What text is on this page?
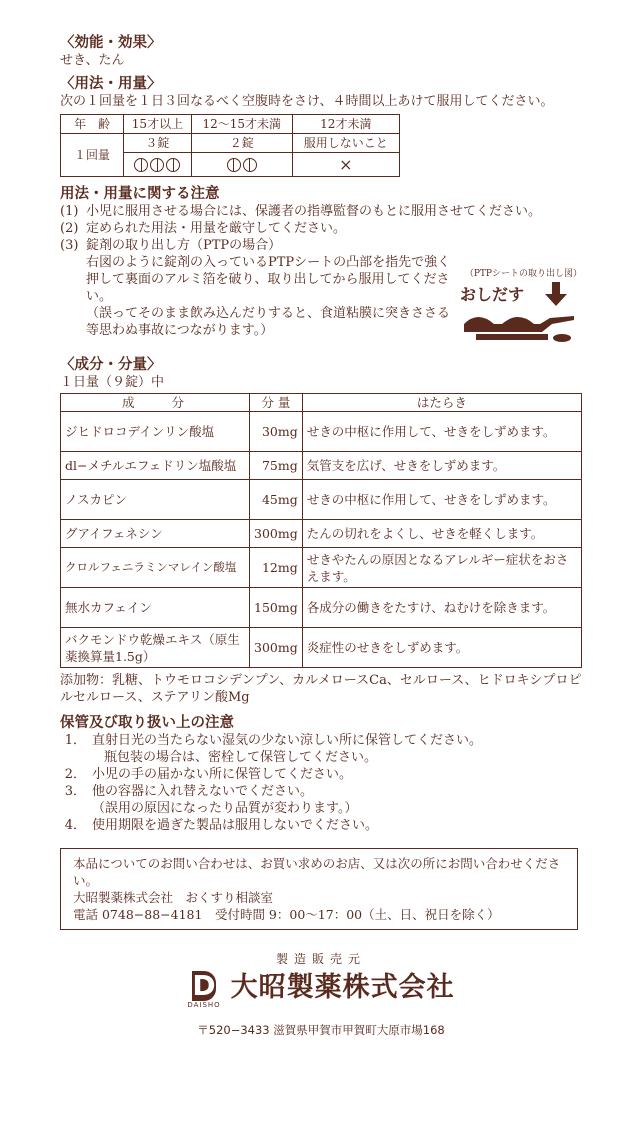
〈効能・効果〉

せき、たん

〈用法・用量〉

次の１回量を１日３回なるべく空腹時をさけ、４時間以上あけて服用してください。

年　齢	15才以上	12～15才未満	12才未満
１回量	３錠	２錠	服用しないこと
			×

用法・用量に関する注意

(1) 小児に服用させる場合には、保護者の指導監督のもとに服用させてください。
(2) 定められた用法・用量を厳守してください。
(3) 錠剤の取り出し方（PTPの場合）
右図のように錠剤の入っているPTPシートの凸部を指先で強く押して裏面のアルミ箔を破り、取り出してから服用してください。
（誤ってそのまま飲み込んだりすると、食道粘膜に突きささる等思わぬ事故につながります。）
（PTPシートの取り出し図）
おしだす

〈成分・分量〉

１日量（９錠）中

成　　分	分 量	はたらき
ジヒドロコデインリン酸塩	30mg	せきの中枢に作用して、せきをしずめます。
dl−メチルエフェドリン塩酸塩	75mg	気管支を広げ、せきをしずめます。
ノスカピン	45mg	せきの中枢に作用して、せきをしずめます。
グアイフェネシン	300mg	たんの切れをよくし、せきを軽くします。
クロルフェニラミンマレイン酸塩	12mg	せきやたんの原因となるアレルギー症状をおさえます。
無水カフェイン	150mg	各成分の働きをたすけ、ねむけを除きます。
バクモンドウ乾燥エキス（原生薬換算量1.5g）	300mg	炎症性のせきをしずめます。

添加物：乳糖、トウモロコシデンプン、カルメロースCa、セルロース、ヒドロキシプロピルセルロース、ステアリン酸Mg

保管及び取り扱い上の注意

1． 直射日光の当たらない湿気の少ない涼しい所に保管してください。
瓶包装の場合は、密栓して保管してください。
2． 小児の手の届かない所に保管してください。
3． 他の容器に入れ替えないでください。
（誤用の原因になったり品質が変わります。）
4． 使用期限を過ぎた製品は服用しないでください。
本品についてのお問い合わせは、お買い求めのお店、又は次の所にお問い合わせください。
大昭製薬株式会社　おくすり相談室
電話 0748−88−4181　受付時間 9：00〜17：00（土、日、祝日を除く）
製造販売元
D
DAISHO
大昭製薬株式会社
〒520−3433 滋賀県甲賀市甲賀町大原市場168
